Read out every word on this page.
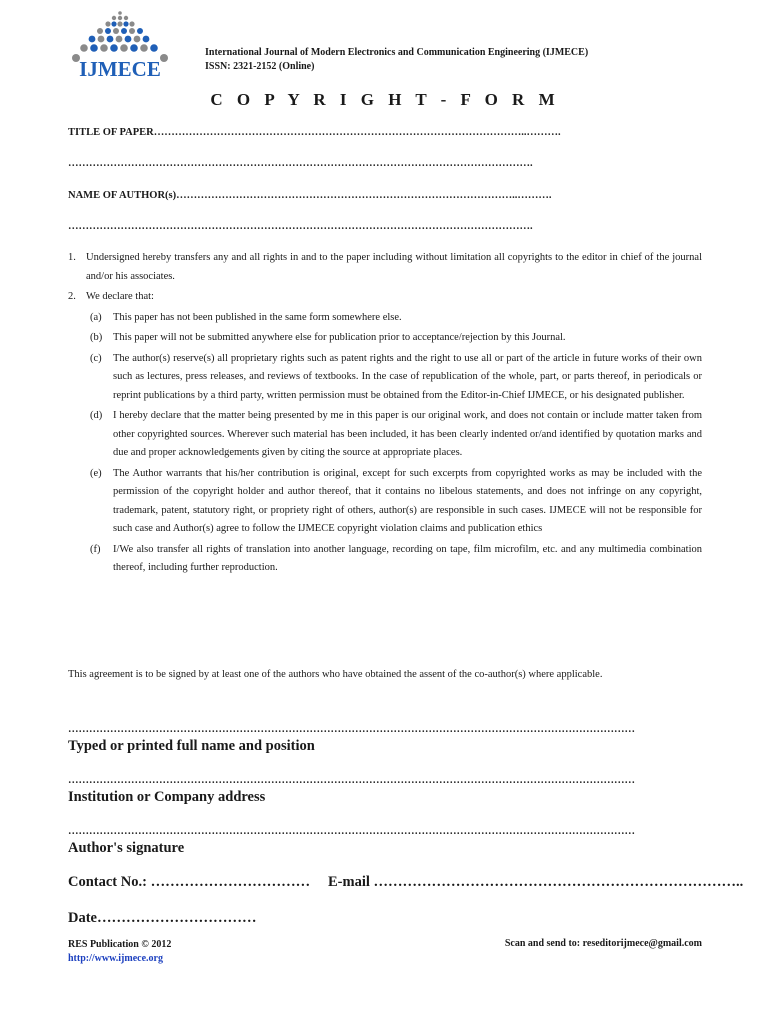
IJMECE
International Journal of Modern Electronics and Communication Engineering (IJMECE)
ISSN: 2321-2152 (Online)
C O P Y R I G H T - F O R M
TITLE OF PAPER……………………………………………………………………………………………..……….
…………………………………………………………………………………………………………………….
NAME OF AUTHOR(s)……………………………………………………………………………………..……….
…………………………………………………………………………………………………………………….
1. Undersigned hereby transfers any and all rights in and to the paper including without limitation all copyrights to the editor in chief of the journal and/or his associates.
2. We declare that:
(a) This paper has not been published in the same form somewhere else.
(b) This paper will not be submitted anywhere else for publication prior to acceptance/rejection by this Journal.
(c) The author(s) reserve(s) all proprietary rights such as patent rights and the right to use all or part of the article in future works of their own such as lectures, press releases, and reviews of textbooks. In the case of republication of the whole, part, or parts thereof, in periodicals or reprint publications by a third party, written permission must be obtained from the Editor-in-Chief IJMECE, or his designated publisher.
(d) I hereby declare that the matter being presented by me in this paper is our original work, and does not contain or include matter taken from other copyrighted sources. Wherever such material has been included, it has been clearly indented or/and identified by quotation marks and due and proper acknowledgements given by citing the source at appropriate places.
(e) The Author warrants that his/her contribution is original, except for such excerpts from copyrighted works as may be included with the permission of the copyright holder and author thereof, that it contains no libelous statements, and does not infringe on any copyright, trademark, patent, statutory right, or propriety right of others, author(s) are responsible in such cases. IJMECE will not be responsible for such case and Author(s) agree to follow the IJMECE copyright violation claims and publication ethics
(f) I/We also transfer all rights of translation into another language, recording on tape, film microfilm, etc. and any multimedia combination thereof, including further reproduction.
This agreement is to be signed by at least one of the authors who have obtained the assent of the co-author(s) where applicable.
………………………………………………………………………………………………………………………………………………
Typed or printed full name and position
………………………………………………………………………………………………………………………………………………
Institution or Company address
………………………………………………………………………………………………………………………………………………
Author's signature
Contact No.: …………………………… E-mail …………………………………………………………………..
Date……………………………
RES Publication © 2012
http://www.ijmece.org
Scan and send to: reseditorijmece@gmail.com
